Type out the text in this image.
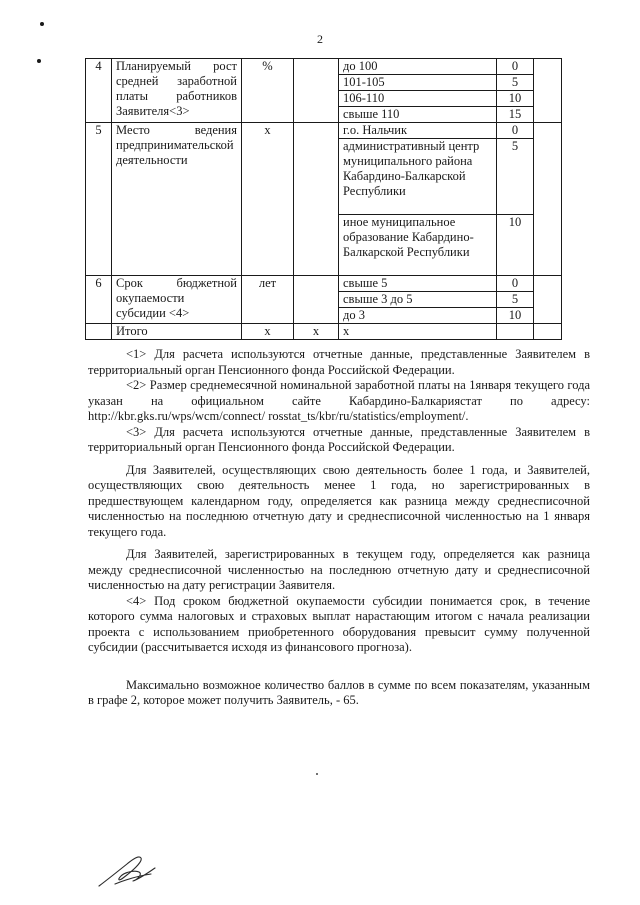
2
4	Планируемый рост
средней заработной
платы работников
Заявителя<3>	%		до 100	0	
				101-105	5	
				106-110	10	
				свыше 110	15	
5	Место ведения
предпринимательской
деятельности	х		г.о. Нальчик	0	
				административный центр муниципального района Кабардино-Балкарской Республики	5	
				иное муниципальное образование Кабардино-Балкарской Республики	10	
6	Срок бюджетной
окупаемости
субсидии <4>	лет		свыше 5	0	
				свыше 3 до 5	5	
				до 3	10	
	Итого	х	х	х		

<1> Для расчета используются отчетные данные, представленные Заявителем в территориальный орган Пенсионного фонда Российской Федерации.

<2> Размер среднемесячной номинальной заработной платы на 1января текущего года указан на официальном сайте Кабардино-Балкариястат по адресу: http://kbr.gks.ru/wps/wcm/connect/ rosstat_ts/kbr/ru/statistics/employment/.

<3> Для расчета используются отчетные данные, представленные Заявителем в территориальный орган Пенсионного фонда Российской Федерации.

Для Заявителей, осуществляющих свою деятельность более 1 года, и Заявителей, осуществляющих свою деятельность менее 1 года, но зарегистрированных в предшествующем календарном году, определяется как разница между среднесписочной численностью на последнюю отчетную дату и среднесписочной численностью на 1 января текущего года.

Для Заявителей, зарегистрированных в текущем году, определяется как разница между среднесписочной численностью на последнюю отчетную дату и среднесписочной численностью на дату регистрации Заявителя.

<4> Под сроком бюджетной окупаемости субсидии понимается срок, в течение которого сумма налоговых и страховых выплат нарастающим итогом с начала реализации проекта с использованием приобретенного оборудования превысит сумму полученной субсидии (рассчитывается исходя из финансового прогноза).

Максимально возможное количество баллов в сумме по всем показателям, указанным в графе 2, которое может получить Заявитель, - 65.
